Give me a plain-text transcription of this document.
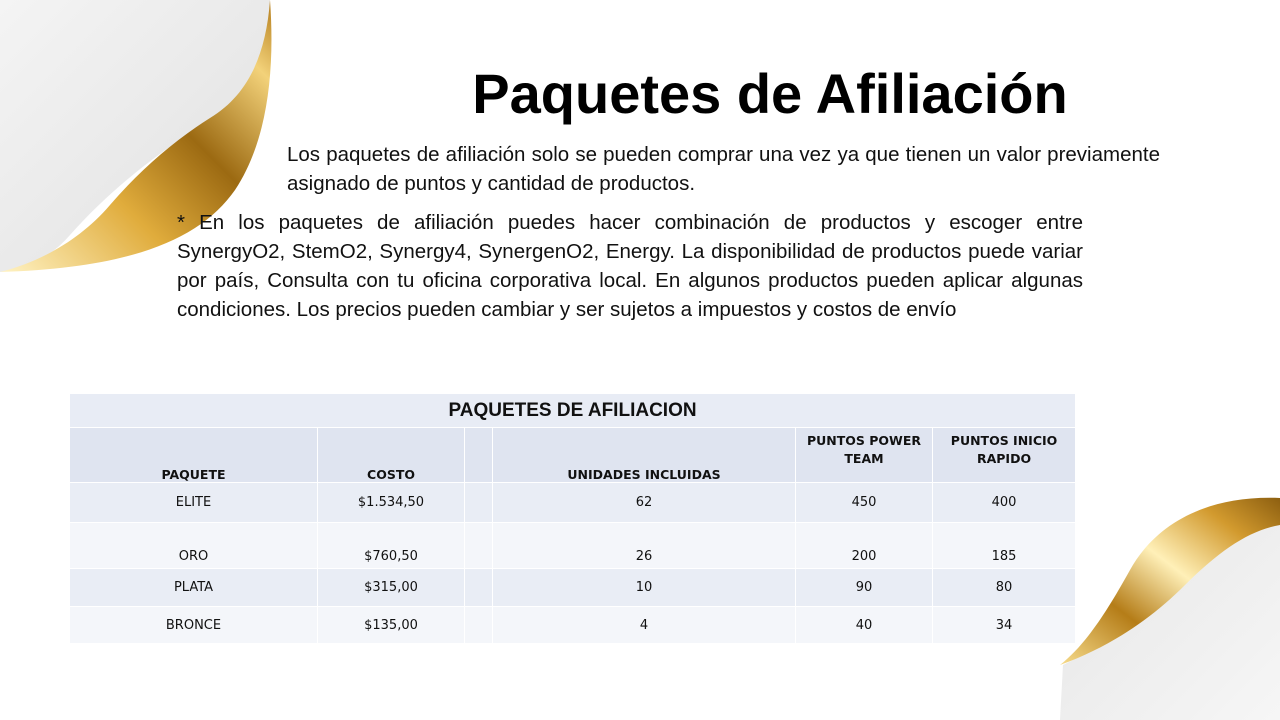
Paquetes de Afiliación

Los paquetes de afiliación solo se pueden comprar una vez ya que tienen un valor previamente asignado de puntos y cantidad de productos.

* En los paquetes de afiliación puedes hacer combinación de productos y escoger entre SynergyO2, StemO2, Synergy4, SynergenO2, Energy. La disponibilidad de productos puede variar por país, Consulta con tu oficina corporativa local. En algunos productos pueden aplicar algunas condiciones. Los precios pueden cambiar y ser sujetos a impuestos y costos de envío

PAQUETES DE AFILIACION					
PAQUETE	COSTO		UNIDADES INCLUIDAS	PUNTOS POWER TEAM	PUNTOS INICIO RAPIDO
ELITE	$1.534,50		62	450	400
ORO	$760,50		26	200	185
PLATA	$315,00		10	90	80
BRONCE	$135,00		4	40	34
